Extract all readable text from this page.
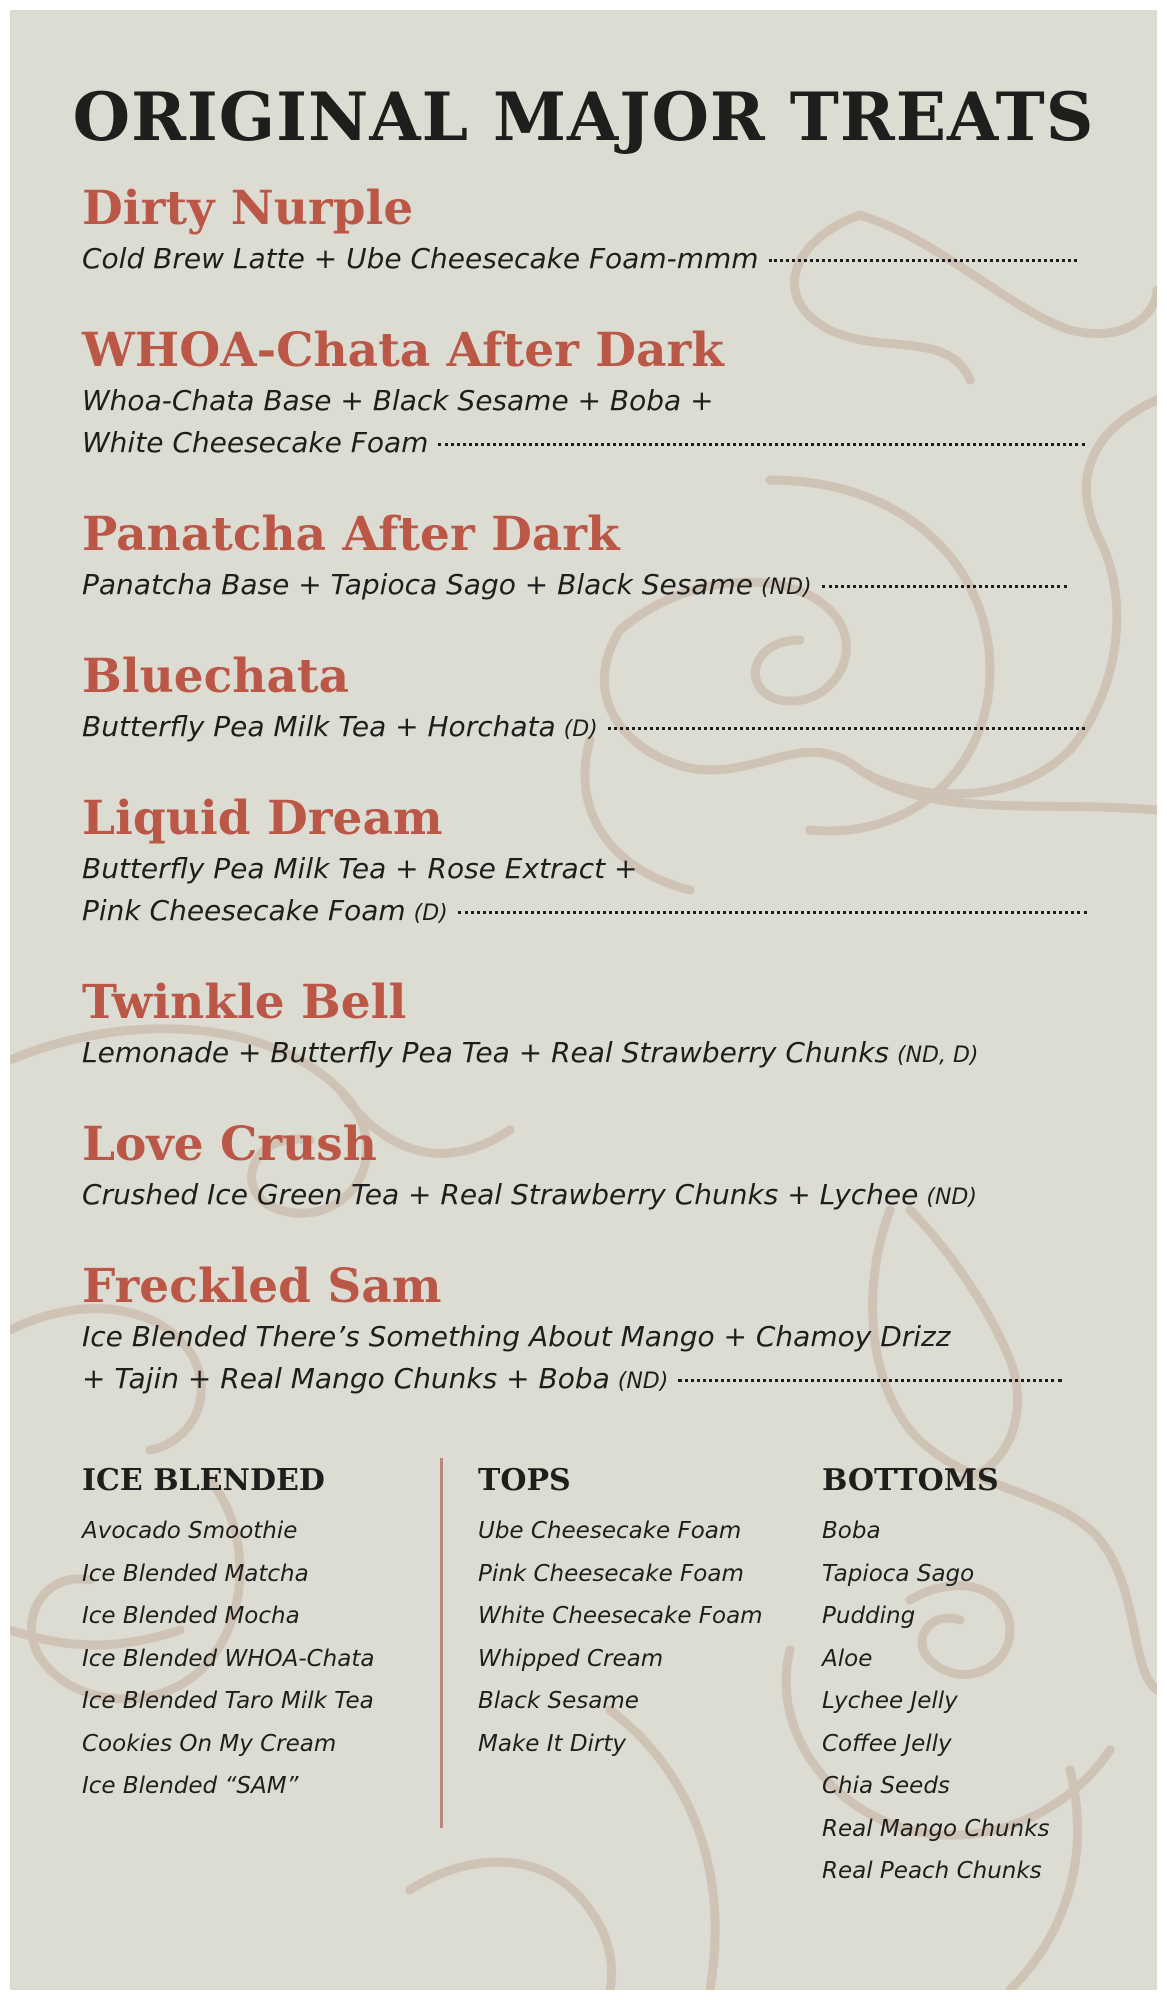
ORIGINAL MAJOR TREATS
Dirty Nurple
Cold Brew Latte + Ube Cheesecake Foam-mmm
WHOA-Chata After Dark
Whoa-Chata Base + Black Sesame + Boba +
White Cheesecake Foam
Panatcha After Dark
Panatcha Base + Tapioca Sago + Black Sesame (ND)
Bluechata
Butterfly Pea Milk Tea + Horchata (D)
Liquid Dream
Butterfly Pea Milk Tea + Rose Extract +
Pink Cheesecake Foam (D)
Twinkle Bell
Lemonade + Butterfly Pea Tea + Real Strawberry Chunks (ND, D)
Love Crush
Crushed Ice Green Tea + Real Strawberry Chunks + Lychee (ND)
Freckled Sam
Ice Blended There’s Something About Mango + Chamoy Drizz
+ Tajin + Real Mango Chunks + Boba (ND)
ICE BLENDED
Avocado Smoothie
Ice Blended Matcha
Ice Blended Mocha
Ice Blended WHOA-Chata
Ice Blended Taro Milk Tea
Cookies On My Cream
Ice Blended “SAM”
TOPS
Ube Cheesecake Foam
Pink Cheesecake Foam
White Cheesecake Foam
Whipped Cream
Black Sesame
Make It Dirty
BOTTOMS
Boba
Tapioca Sago
Pudding
Aloe
Lychee Jelly
Coffee Jelly
Chia Seeds
Real Mango Chunks
Real Peach Chunks
